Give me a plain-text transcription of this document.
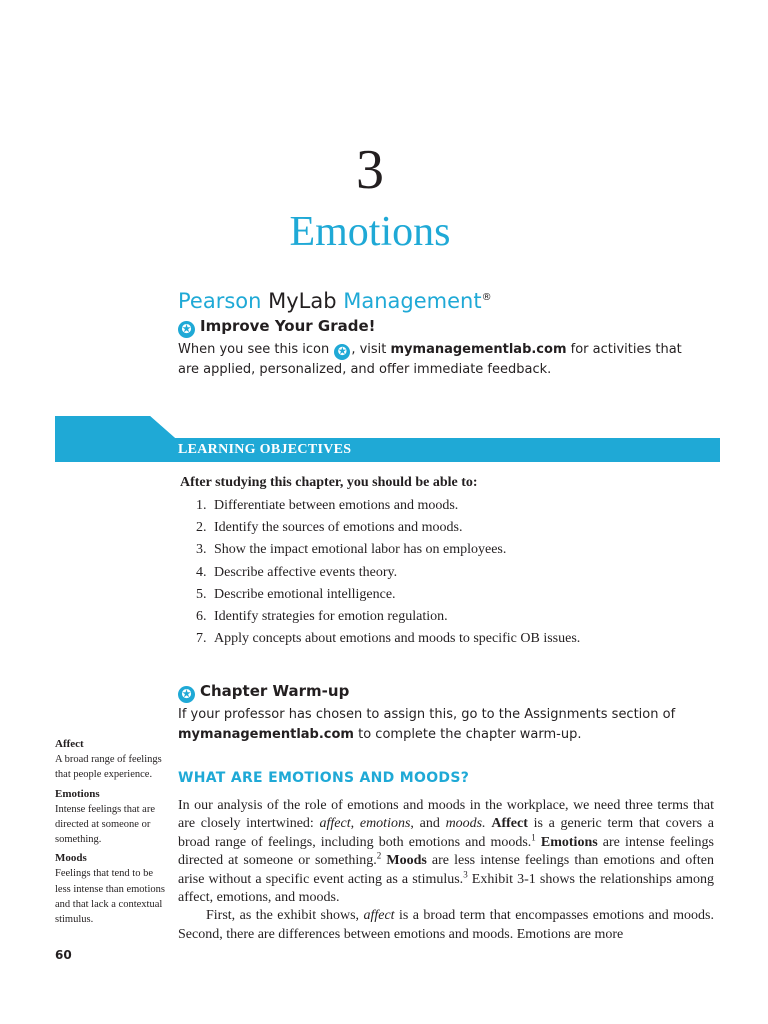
3
Emotions
Pearson MyLab Management®
✪ Improve Your Grade!
When you see this icon ✪ , visit mymanagementlab.com for activities that are applied, personalized, and offer immediate feedback.
LEARNING OBJECTIVES
After studying this chapter, you should be able to:
1. Differentiate between emotions and moods.
2. Identify the sources of emotions and moods.
3. Show the impact emotional labor has on employees.
4. Describe affective events theory.
5. Describe emotional intelligence.
6. Identify strategies for emotion regulation.
7. Apply concepts about emotions and moods to specific OB issues.
✪ Chapter Warm-up
If your professor has chosen to assign this, go to the Assignments section of mymanagementlab.com to complete the chapter warm-up.
Affect
A broad range of feelings that people experience.
Emotions
Intense feelings that are directed at someone or something.
Moods
Feelings that tend to be less intense than emotions and that lack a contextual stimulus.
WHAT ARE EMOTIONS AND MOODS?

In our analysis of the role of emotions and moods in the workplace, we need three terms that are closely intertwined: affect, emotions, and moods. Affect is a generic term that covers a broad range of feelings, including both emotions and moods.$^1$ Emotions are intense feelings directed at someone or something.$^2$ Moods are less intense feelings than emotions and often arise without a specific event acting as a stimulus.$^3$ Exhibit 3-1 shows the relationships among affect, emotions, and moods.

First, as the exhibit shows, affect is a broad term that encompasses emotions and moods. Second, there are differences between emotions and moods. Emotions are more

60
